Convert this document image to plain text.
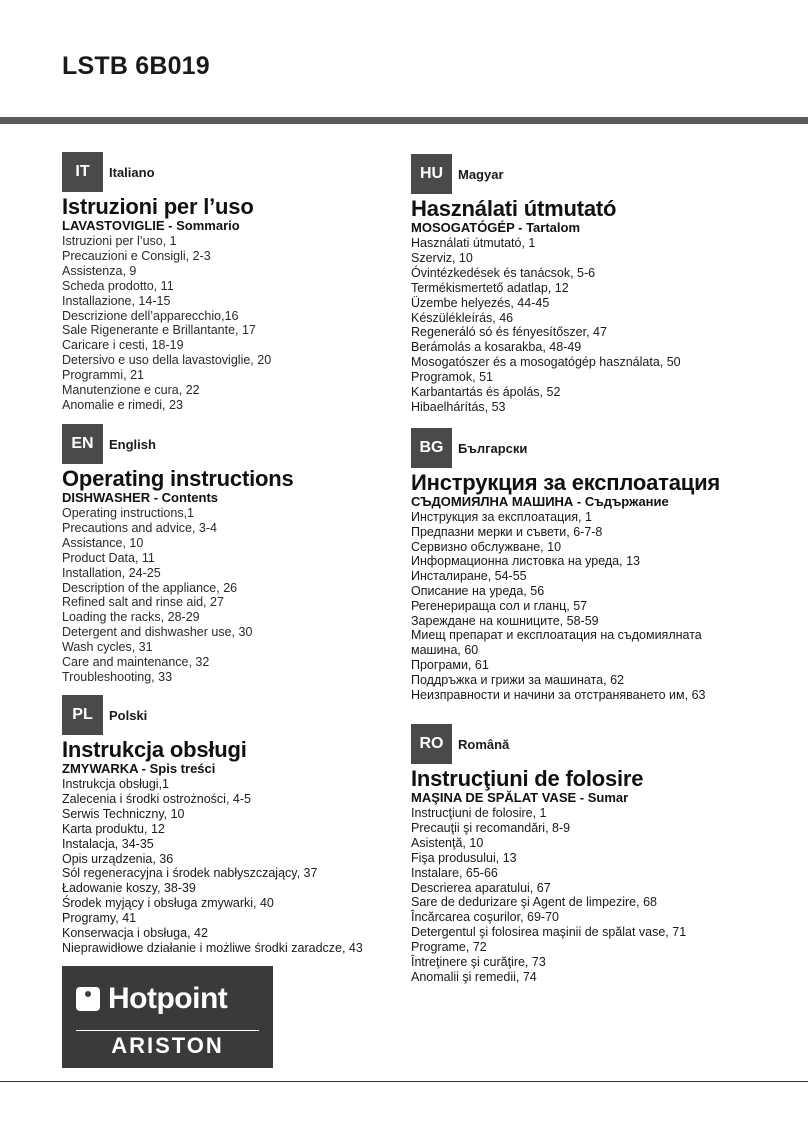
LSTB 6B019
IT	Italiano
Istruzioni per l’uso
LAVASTOVIGLIE - Sommario
Istruzioni per l’uso, 1
Precauzioni e Consigli, 2-3
Assistenza, 9
Scheda prodotto, 11
Installazione, 14-15
Descrizione dell’apparecchio,16
Sale Rigenerante e Brillantante, 17
Caricare i cesti, 18-19
Detersivo e uso della lavastoviglie, 20
Programmi, 21
Manutenzione e cura, 22
Anomalie e rimedi, 23
EN	English
Operating instructions
DISHWASHER - Contents
Operating instructions,1
Precautions and advice, 3-4
Assistance, 10
Product Data, 11
Installation, 24-25
Description of the appliance, 26
Refined salt and rinse aid, 27
Loading the racks, 28-29
Detergent and dishwasher use, 30
Wash cycles, 31
Care and maintenance, 32
Troubleshooting, 33
PL	Polski
Instrukcja obsługi
ZMYWARKA - Spis treści
Instrukcja obsługi,1
Zalecenia i środki ostrożności, 4-5
Serwis Techniczny, 10
Karta produktu, 12
Instalacja, 34-35
Opis urządzenia, 36
Sól regeneracyjna i środek nabłyszczający, 37
Ładowanie koszy, 38-39
Środek myjący i obsługa zmywarki, 40
Programy, 41
Konserwacja i obsługa, 42
Nieprawidłowe działanie i możliwe środki zaradcze, 43
HU	Magyar
Használati útmutató
MOSOGATÓGÉP - Tartalom
Használati útmutató, 1
Szerviz, 10
Óvintézkedések és tanácsok, 5-6
Termékismertető adatlap, 12
Üzembe helyezés, 44-45
Készülékleírás, 46
Regeneráló só és fényesítőszer, 47
Berámolás a kosarakba, 48-49
Mosogatószer és a mosogatógép használata, 50
Programok, 51
Karbantartás és ápolás, 52
Hibaelhárítás, 53
BG	Български
Инструкция за експлоатация
СЪДОМИЯЛНА МАШИНА - Съдържание
Инструкция за експлоатация, 1
Предпазни мерки и съвети, 6-7-8
Сервизно обслужване, 10
Информационна листовка на уреда, 13
Инсталиране, 54-55
Описание на уреда, 56
Регенерираща сол и гланц, 57
Зареждане на кошниците, 58-59
Миещ препарат и експлоатация на съдомиялната
машина, 60
Програми, 61
Поддръжка и грижи за машината, 62
Неизправности и начини за отстраняването им, 63
RO	Română
Instrucţiuni de folosire
MAŞINA DE SPĂLAT VASE - Sumar
Instrucţiuni de folosire, 1
Precauţii şi recomandări, 8-9
Asistenţă, 10
Fişa produsului, 13
Instalare, 65-66
Descrierea aparatului, 67
Sare de dedurizare şi Agent de limpezire, 68
Încărcarea coşurilor, 69-70
Detergentul şi folosirea maşinii de spălat vase, 71
Programe, 72
Întreţinere şi curăţire, 73
Anomalii şi remedii, 74
Hotpoint
ARISTON
